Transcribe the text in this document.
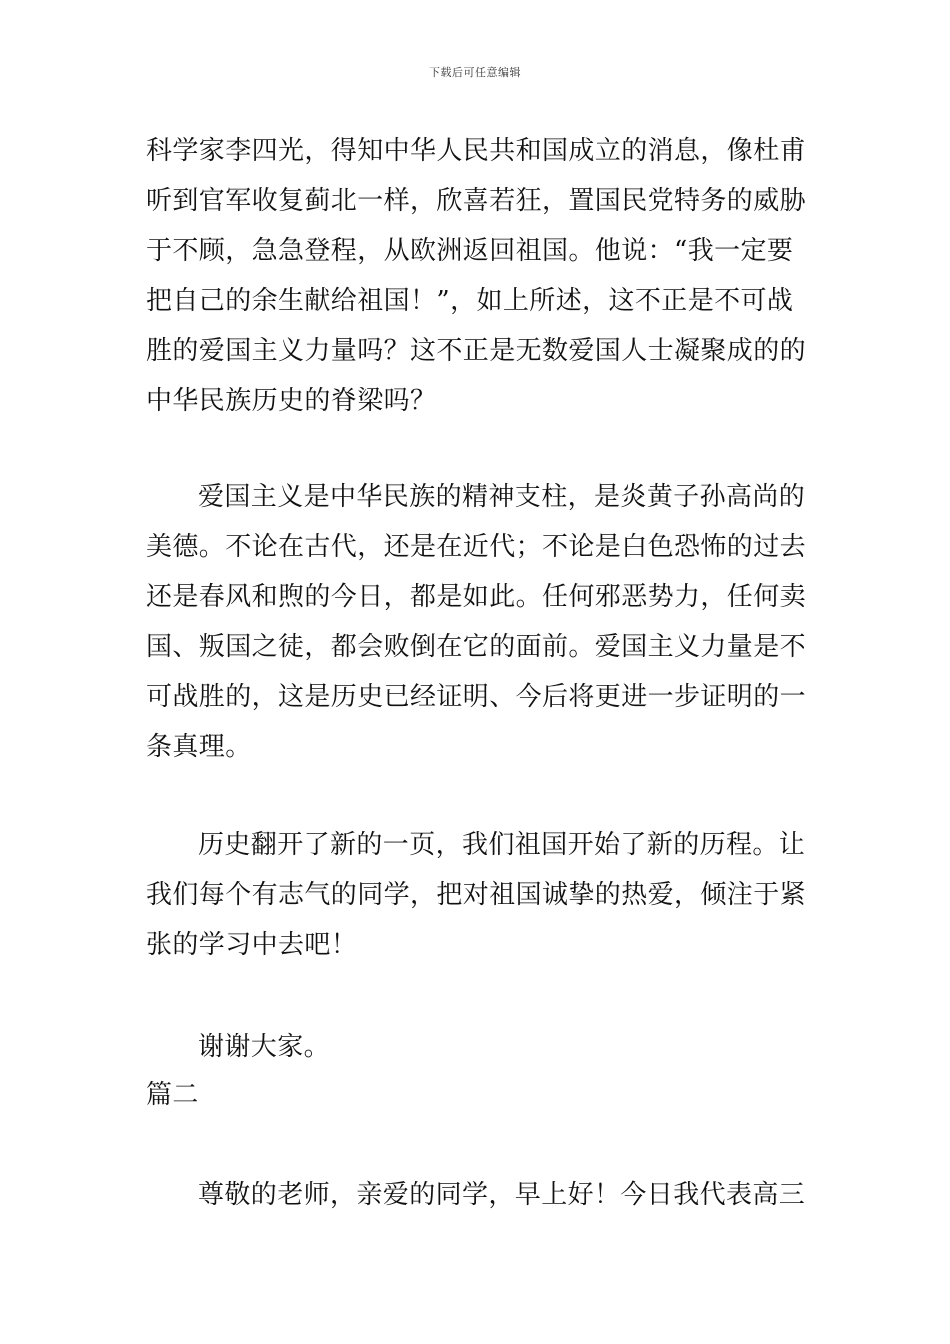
下载后可任意编辑
科学家李四光，得知中华人民共和国成立的消息，像杜甫
听到官军收复蓟北一样，欣喜若狂，置国民党特务的威胁
于不顾，急急登程，从欧洲返回祖国。他说：“我一定要
把自己的余生献给祖国！”，如上所述，这不正是不可战
胜的爱国主义力量吗？这不正是无数爱国人士凝聚成的的
中华民族历史的脊梁吗？
爱国主义是中华民族的精神支柱，是炎黄子孙高尚的
美德。不论在古代，还是在近代；不论是白色恐怖的过去
还是春风和煦的今日，都是如此。任何邪恶势力，任何卖
国、叛国之徒，都会败倒在它的面前。爱国主义力量是不
可战胜的，这是历史已经证明、今后将更进一步证明的一
条真理。
历史翻开了新的一页，我们祖国开始了新的历程。让
我们每个有志气的同学，把对祖国诚挚的热爱，倾注于紧
张的学习中去吧！
谢谢大家。
篇二
尊敬的老师，亲爱的同学，早上好！今日我代表高三
